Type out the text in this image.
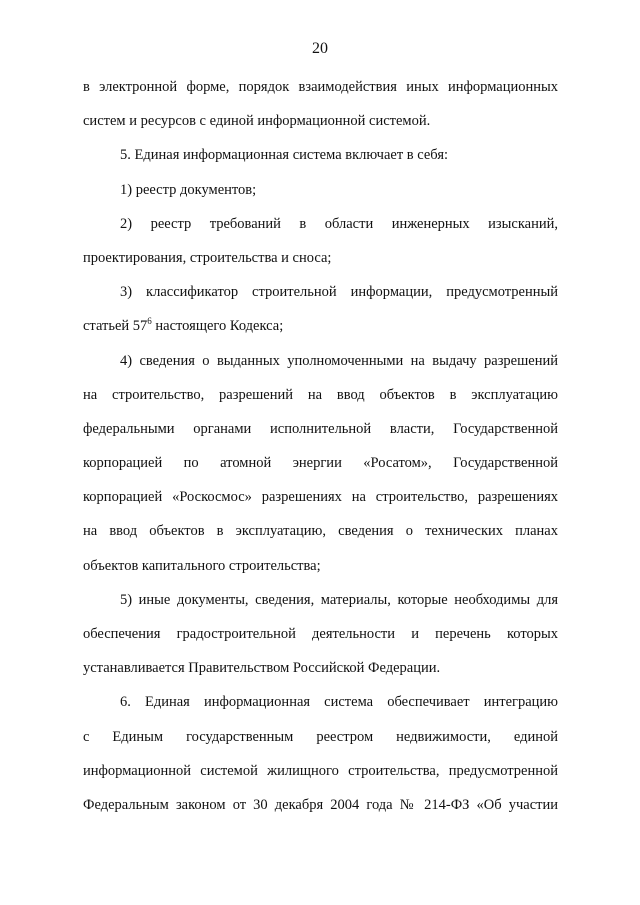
20
в электронной форме, порядок взаимодействия иных информационных
систем и ресурсов с единой информационной системой.
5. Единая информационная система включает в себя:
1) реестр документов;
2) реестр требований в области инженерных изысканий,
проектирования, строительства и сноса;
3) классификатор строительной информации, предусмотренный
статьей $57^6$ настоящего Кодекса;
4) сведения о выданных уполномоченными на выдачу разрешений
на строительство, разрешений на ввод объектов в эксплуатацию
федеральными органами исполнительной власти, Государственной
корпорацией по атомной энергии «Росатом», Государственной
корпорацией «Роскосмос» разрешениях на строительство, разрешениях
на ввод объектов в эксплуатацию, сведения о технических планах
объектов капитального строительства;
5) иные документы, сведения, материалы, которые необходимы для
обеспечения градостроительной деятельности и перечень которых
устанавливается Правительством Российской Федерации.
6. Единая информационная система обеспечивает интеграцию
с Единым государственным реестром недвижимости, единой
информационной системой жилищного строительства, предусмотренной
Федеральным законом от 30 декабря 2004 года № 214-ФЗ «Об участии
